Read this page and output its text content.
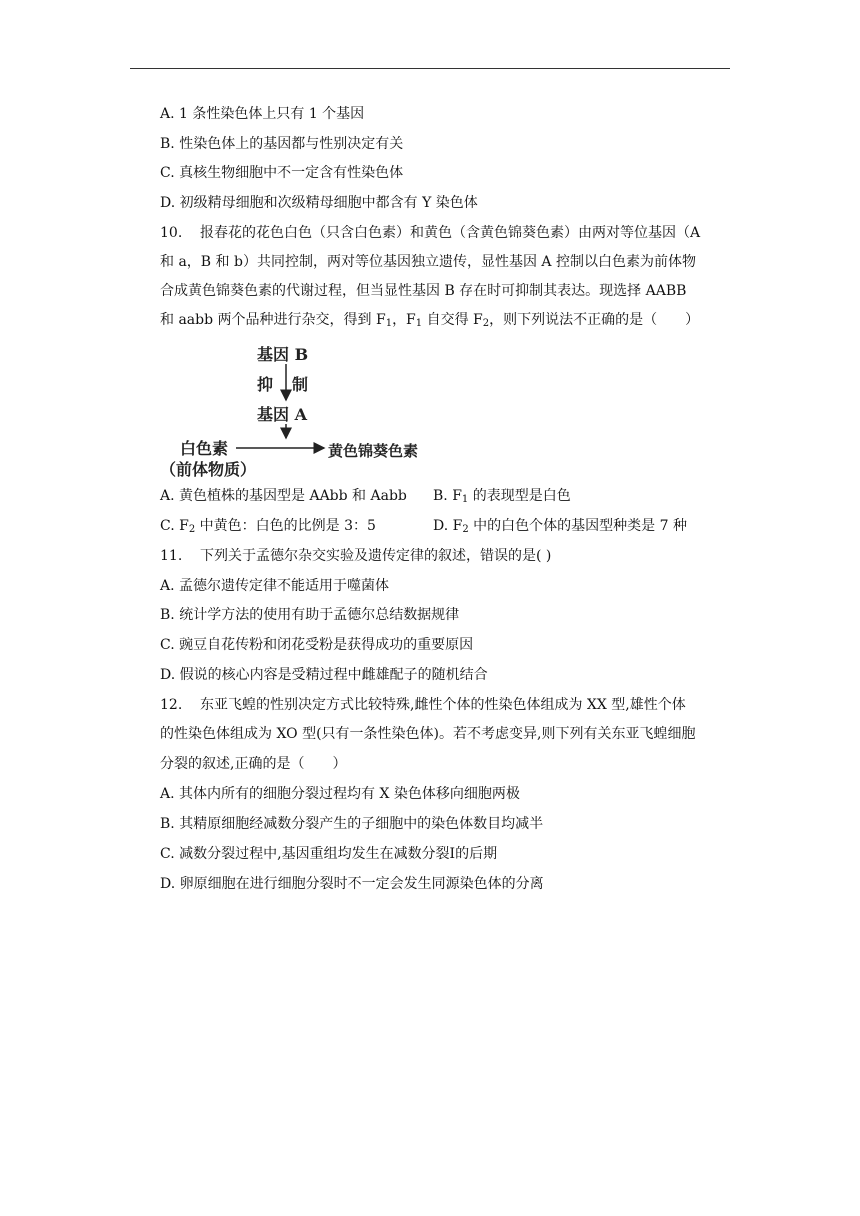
A. 1 条性染色体上只有 1 个基因
B. 性染色体上的基因都与性别决定有关
C. 真核生物细胞中不一定含有性染色体
D. 初级精母细胞和次级精母细胞中都含有 Y 染色体
10. 报春花的花色白色（只含白色素）和黄色（含黄色锦葵色素）由两对等位基因（A
和 a，B 和 b）共同控制，两对等位基因独立遗传，显性基因 A 控制以白色素为前体物
合成黄色锦葵色素的代谢过程，但当显性基因 B 存在时可抑制其表达。现选择 AABB
和 aabb 两个品种进行杂交，得到 $F_1$，$F_1$ 自交得 $F_2$，则下列说法不正确的是（　　）
基因 B
抑 制
基因 A
白色素
（前体物质）
黄色锦葵色素
A. 黄色植株的基因型是 AAbb 和 Aabb B. $F_1$ 的表现型是白色
C. $F_2$ 中黄色：白色的比例是 3：5	D. $F_2$ 中的白色个体的基因型种类是 7 种
11. 下列关于孟德尔杂交实验及遗传定律的叙述，错误的是( )
A. 孟德尔遗传定律不能适用于噬菌体
B. 统计学方法的使用有助于孟德尔总结数据规律
C. 豌豆自花传粉和闭花受粉是获得成功的重要原因
D. 假说的核心内容是受精过程中雌雄配子的随机结合
12. 东亚飞蝗的性别决定方式比较特殊,雌性个体的性染色体组成为 XX 型,雄性个体
的性染色体组成为 XO 型(只有一条性染色体)。若不考虑变异,则下列有关东亚飞蝗细胞
分裂的叙述,正确的是（　　）
A. 其体内所有的细胞分裂过程均有 X 染色体移向细胞两极
B. 其精原细胞经减数分裂产生的子细胞中的染色体数目均减半
C. 减数分裂过程中,基因重组均发生在减数分裂Ⅰ的后期
D. 卵原细胞在进行细胞分裂时不一定会发生同源染色体的分离
